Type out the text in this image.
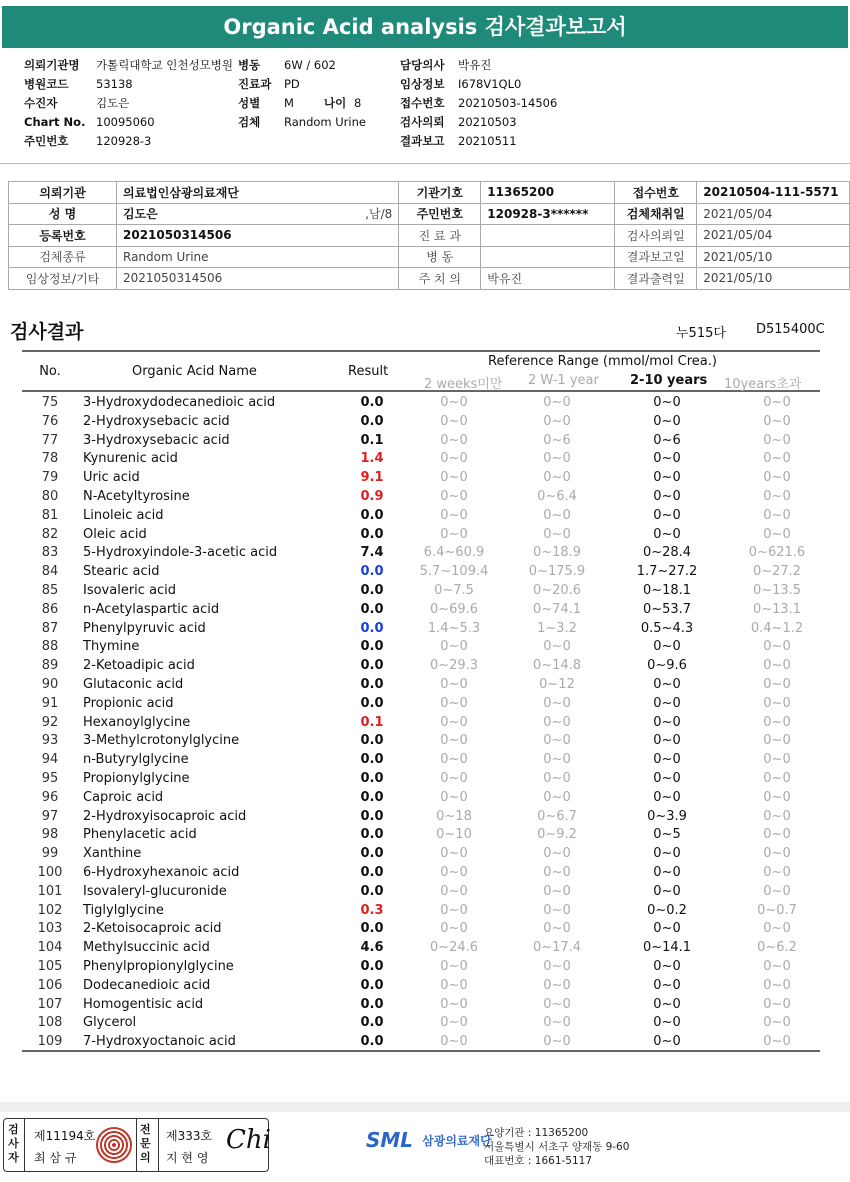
Organic Acid analysis 검사결과보고서
의뢰기관명 가톨릭대학교 인천성모병원
병원코드 53138
수진자	김도은
Chart No. 10095060
주민번호 120928-3
병동 6W / 602
진료과 PD
성별 M	나이 8
검체 Random Urine
담당의사 박유진
임상정보 I678V1QL0
접수번호 20210503-14506
검사의뢰 20210503
결과보고 20210511
의뢰기관	의료법인삼광의료재단		기관기호	11365200	접수번호	20210504-111-5571
성 명	김도은	,남/8	주민번호	120928-3******	검체채취일	2021/05/04
등록번호	2021050314506		진 료 과		검사의뢰일	2021/05/04
검체종류	Random Urine		병 동		결과보고일	2021/05/10
임상정보/기타	2021050314506		주 치 의	박유진	결과출력일	2021/05/10
검사결과	누515다 D515400C
No.	Organic Acid Name	Result
Reference Range (mmol/mol Crea.)
2 weeks미만 2 W-1 year 2-10 years 10years초과
75	3-Hydroxydodecanedioic acid	0.0	0~0	0~0	0~0	0~0
76	2-Hydroxysebacic acid	0.0	0~0	0~0	0~0	0~0
77	3-Hydroxysebacic acid	0.1	0~0	0~6	0~6	0~0
78	Kynurenic acid	1.4	0~0	0~0	0~0	0~0
79	Uric acid	9.1	0~0	0~0	0~0	0~0
80	N-Acetyltyrosine	0.9	0~0	0~6.4	0~0	0~0
81	Linoleic acid	0.0	0~0	0~0	0~0	0~0
82	Oleic acid	0.0	0~0	0~0	0~0	0~0
83	5-Hydroxyindole-3-acetic acid	7.4	6.4~60.9	0~18.9	0~28.4	0~621.6
84	Stearic acid	0.0	5.7~109.4	0~175.9	1.7~27.2	0~27.2
85	Isovaleric acid	0.0	0~7.5	0~20.6	0~18.1	0~13.5
86	n-Acetylaspartic acid	0.0	0~69.6	0~74.1	0~53.7	0~13.1
87	Phenylpyruvic acid	0.0	1.4~5.3	1~3.2	0.5~4.3	0.4~1.2
88	Thymine	0.0	0~0	0~0	0~0	0~0
89	2-Ketoadipic acid	0.0	0~29.3	0~14.8	0~9.6	0~0
90	Glutaconic acid	0.0	0~0	0~12	0~0	0~0
91	Propionic acid	0.0	0~0	0~0	0~0	0~0
92	Hexanoylglycine	0.1	0~0	0~0	0~0	0~0
93	3-Methylcrotonylglycine	0.0	0~0	0~0	0~0	0~0
94	n-Butyrylglycine	0.0	0~0	0~0	0~0	0~0
95	Propionylglycine	0.0	0~0	0~0	0~0	0~0
96	Caproic acid	0.0	0~0	0~0	0~0	0~0
97	2-Hydroxyisocaproic acid	0.0	0~18	0~6.7	0~3.9	0~0
98	Phenylacetic acid	0.0	0~10	0~9.2	0~5	0~0
99	Xanthine	0.0	0~0	0~0	0~0	0~0
100	6-Hydroxyhexanoic acid	0.0	0~0	0~0	0~0	0~0
101	Isovaleryl-glucuronide	0.0	0~0	0~0	0~0	0~0
102	Tiglylglycine	0.3	0~0	0~0	0~0.2	0~0.7
103	2-Ketoisocaproic acid	0.0	0~0	0~0	0~0	0~0
104	Methylsuccinic acid	4.6	0~24.6	0~17.4	0~14.1	0~6.2
105	Phenylpropionylglycine	0.0	0~0	0~0	0~0	0~0
106	Dodecanedioic acid	0.0	0~0	0~0	0~0	0~0
107	Homogentisic acid	0.0	0~0	0~0	0~0	0~0
108	Glycerol	0.0	0~0	0~0	0~0	0~0
109	7-Hydroxyoctanoic acid	0.0	0~0	0~0	0~0	0~0
검사자
제11194호
최 삼 규
전문의
제333호
지 현 영
Chi	SML 삼광의료재단
요양기관 : 11365200
서울특별시 서초구 양재동 9-60
대표번호 : 1661-5117
